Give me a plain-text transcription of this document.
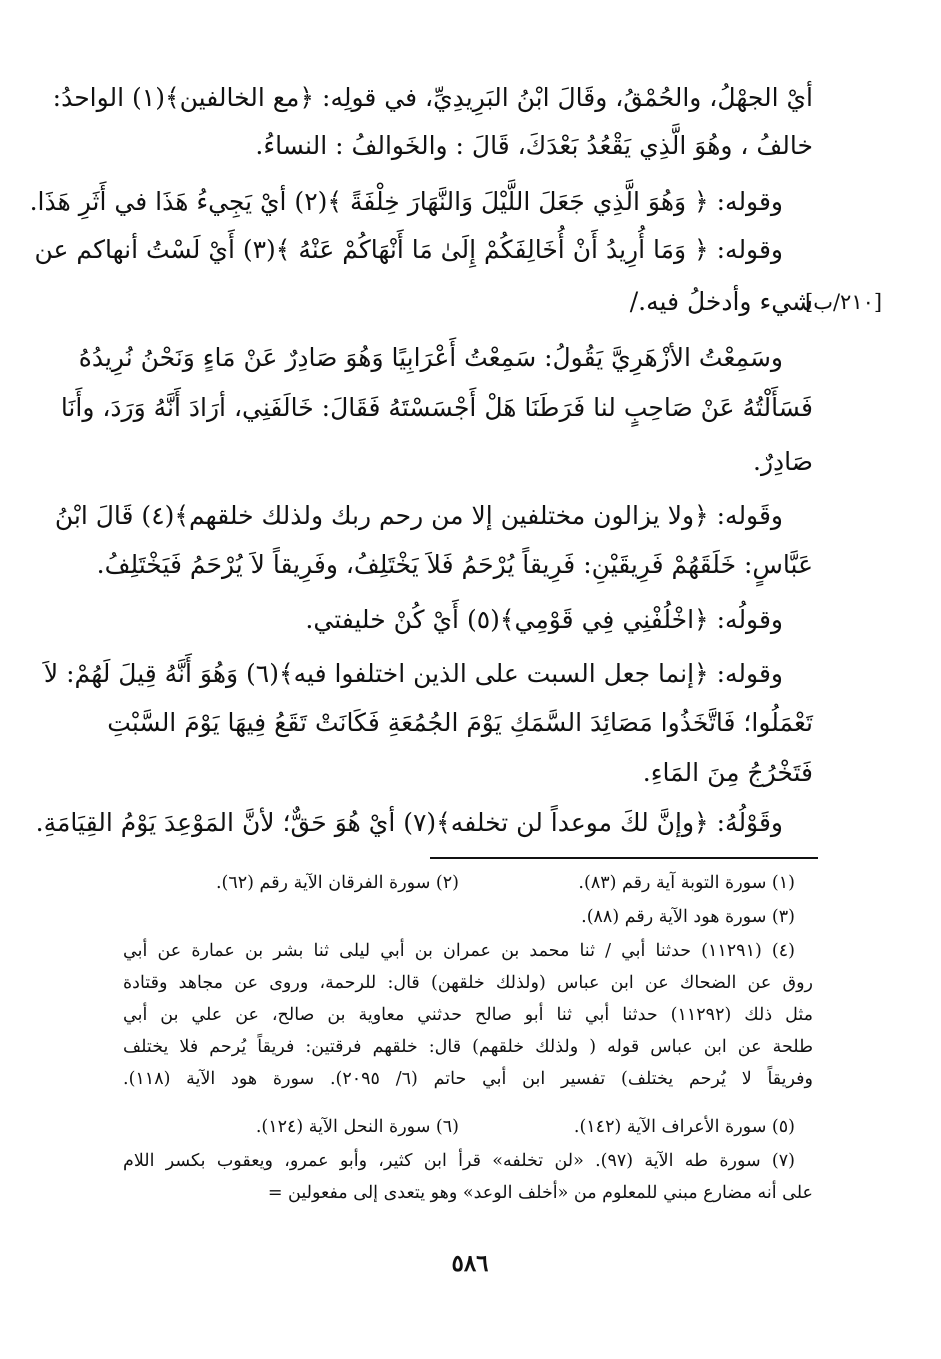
أيْ الجهْلُ، والحُمْقُ، وقَالَ ابْنُ البَرِيدِيِّ، في قولِه: ﴿مع الخالفين﴾(١) الواحدُ:
خالفُ ، وهُوَ الَّذِي يَقْعُدُ بَعْدَكَ، قَالَ : والخَوالفُ : النساءُ.
وقوله: ﴿ وَهُوَ الَّذِي جَعَلَ اللَّيْلَ وَالنَّهَارَ خِلْفَةً ﴾(٢) أيْ يَجِيءُ هَذَا في أَثَرِ هَذَا.
وقوله: ﴿ وَمَا أُرِيدُ أَنْ أُخَالِفَكُمْ إِلَىٰ مَا أَنْهَاكُمْ عَنْهُ ﴾(٣) أَيْ لَسْتُ أنهاكم عن
شيء وأدخلُ فيه./
[٢١٠/ب]
وسَمِعْتُ الأزْهَرِيَّ يَقُولُ: سَمِعْتُ أَعْرَابِيًا وَهُوَ صَادِرٌ عَنْ مَاءٍ وَنَحْنُ نُرِيدُهُ
فَسَأَلْتُهُ عَنْ صَاحِبٍ لنا فَرَطَنَا هَلْ أَجْسَسْتَهُ فَقَالَ: خَالَفَنِي، أرَادَ أَنَّهُ وَرَدَ، وأَنَا
صَادِرٌ.
وقَوله: ﴿ولا يزالون مختلفين إلا من رحم ربك ولذلك خلقهم﴾(٤) قَالَ ابْنُ
عَبَّاسٍ: خَلَقَهُمْ فَرِيقَيْنِ: فَرِيقاً يُرْحَمُ فَلاَ يَخْتَلِفُ، وفَرِيقاً لاَ يُرْحَمُ فَيَخْتَلِفُ.
وقولُه: ﴿اخْلُفْنِي فِي قَوْمِي﴾(٥) أَيْ كُنْ خليفتي.
وقوله: ﴿إنما جعل السبت على الذين اختلفوا فيه﴾(٦) وَهُوَ أَنَّهُ قِيلَ لَهُمْ: لاَ
تَعْمَلُوا؛ فَاتَّخَذُوا مَصَائِدَ السَّمَكِ يَوْمَ الجُمُعَةِ فَكَانَتْ تَقَعُ فِيهَا يَوْمَ السَّبْتِ
فَتَخْرُجُ مِنَ المَاءِ.
وقَوْلُهُ: ﴿وإنَّ لكَ موعداً لن تخلفه﴾(٧) أيْ هُوَ حَقٌّ؛ لأنَّ المَوْعِدَ يَوْمُ القِيَامَةِ.
(١) سورة التوبة آية رقم (٨٣).
(٢) سورة الفرقان الآية رقم (٦٢).
(٣) سورة هود الآية رقم (٨٨).
(٤) (١١٢٩١) حدثنا أبي / ثنا محمد بن عمران بن أبي ليلى ثنا بشر بن عمارة عن أبي
روق عن الضحاك عن ابن عباس (ولذلك خلقهن) قال: للرحمة، وروى عن مجاهد وقتادة
مثل ذلك (١١٢٩٢) حدثنا أبي ثنا أبو صالح حدثني معاوية بن صالح، عن علي بن أبي
طلحة عن ابن عباس قوله ( ولذلك خلقهم) قال: خلقهم فرقتين: فريقاً يُرحم فلا يختلف
وفريقاً لا يُرحم يختلف) تفسير ابن أبي حاتم (٦/ ٢٠٩٥). سورة هود الآية (١١٨).
(٥) سورة الأعراف الآية (١٤٢).
(٦) سورة النحل الآية (١٢٤).
(٧) سورة طه الآية (٩٧). «لن تخلفه» قرأ ابن كثير، وأبو عمرو، ويعقوب بكسر اللام
على أنه مضارع مبني للمعلوم من «أخلف الوعد» وهو يتعدى إلى مفعولين =
٥٨٦
